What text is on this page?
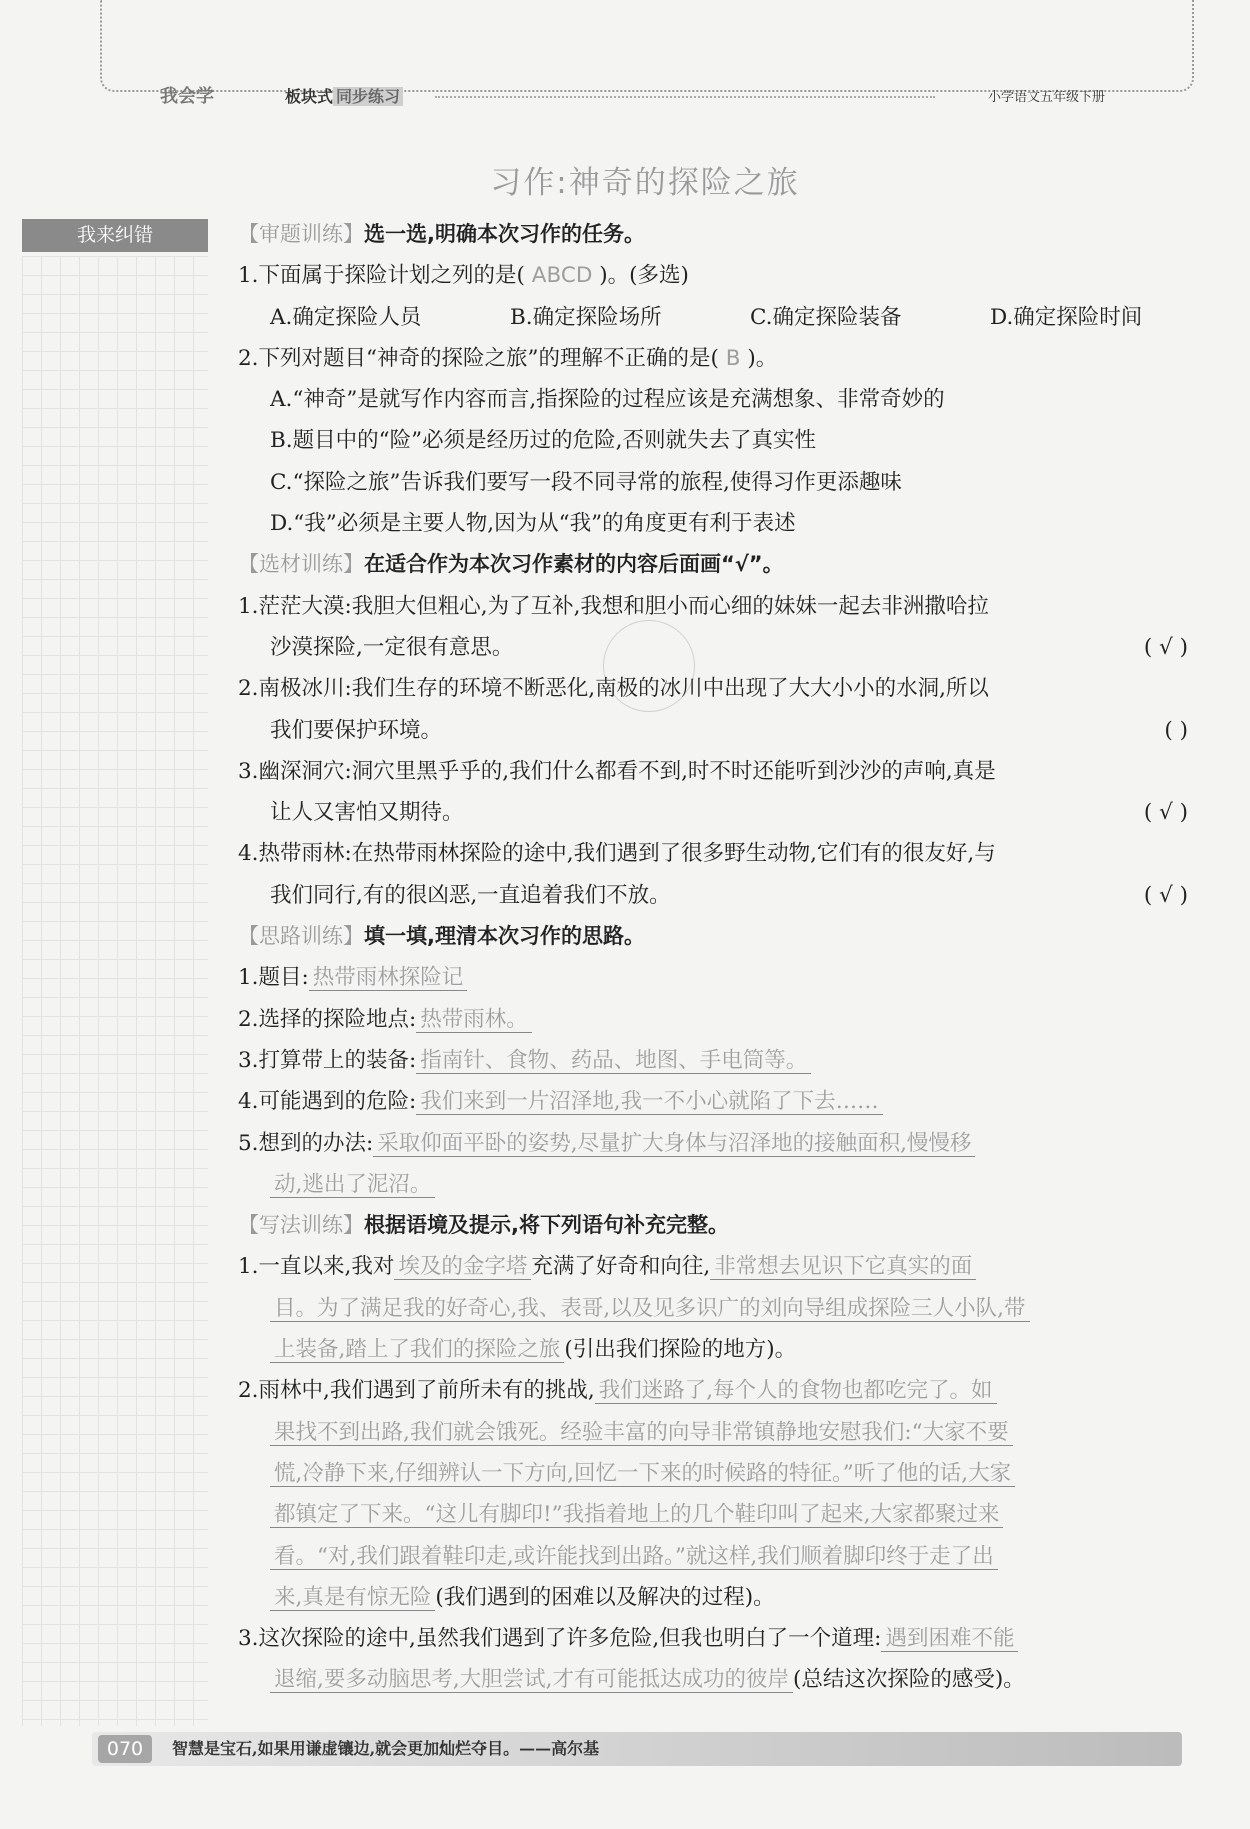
我会学	板块式 同步练习	小学语文五年级下册
习作:神奇的探险之旅
我来纠错	【审题训练】选一选,明确本次习作的任务。
1.下面属于探险计划之列的是( ABCD )。(多选)
A.确定探险人员	B.确定探险场所	C.确定探险装备	D.确定探险时间
2.下列对题目“神奇的探险之旅”的理解不正确的是( B )。
A.“神奇”是就写作内容而言,指探险的过程应该是充满想象、非常奇妙的
B.题目中的“险”必须是经历过的危险,否则就失去了真实性
C.“探险之旅”告诉我们要写一段不同寻常的旅程,使得习作更添趣味
D.“我”必须是主要人物,因为从“我”的角度更有利于表述
【选材训练】在适合作为本次习作素材的内容后面画“√”。
1.茫茫大漠:我胆大但粗心,为了互补,我想和胆小而心细的妹妹一起去非洲撒哈拉
沙漠探险,一定很有意思。	( √ )
2.南极冰川:我们生存的环境不断恶化,南极的冰川中出现了大大小小的水洞,所以
我们要保护环境。	( )
3.幽深洞穴:洞穴里黑乎乎的,我们什么都看不到,时不时还能听到沙沙的声响,真是
让人又害怕又期待。	( √ )
4.热带雨林:在热带雨林探险的途中,我们遇到了很多野生动物,它们有的很友好,与
我们同行,有的很凶恶,一直追着我们不放。	( √ )
【思路训练】填一填,理清本次习作的思路。
1.题目: 热带雨林探险记
2.选择的探险地点: 热带雨林。
3.打算带上的装备: 指南针、食物、药品、地图、手电筒等。
4.可能遇到的危险: 我们来到一片沼泽地,我一不小心就陷了下去……
5.想到的办法: 采取仰面平卧的姿势,尽量扩大身体与沼泽地的接触面积,慢慢移
动,逃出了泥沼。
【写法训练】根据语境及提示,将下列语句补充完整。
1.一直以来,我对 埃及的金字塔 充满了好奇和向往, 非常想去见识下它真实的面
目。为了满足我的好奇心,我、表哥,以及见多识广的刘向导组成探险三人小队,带
上装备,踏上了我们的探险之旅 (引出我们探险的地方)。
2.雨林中,我们遇到了前所未有的挑战, 我们迷路了,每个人的食物也都吃完了。如
果找不到出路,我们就会饿死。经验丰富的向导非常镇静地安慰我们:“大家不要
慌,冷静下来,仔细辨认一下方向,回忆一下来的时候路的特征。”听了他的话,大家
都镇定了下来。“这儿有脚印!”我指着地上的几个鞋印叫了起来,大家都聚过来
看。“对,我们跟着鞋印走,或许能找到出路。”就这样,我们顺着脚印终于走了出
来,真是有惊无险 (我们遇到的困难以及解决的过程)。
3.这次探险的途中,虽然我们遇到了许多危险,但我也明白了一个道理: 遇到困难不能
退缩,要多动脑思考,大胆尝试,才有可能抵达成功的彼岸 (总结这次探险的感受)。
070	智慧是宝石,如果用谦虚镶边,就会更加灿烂夺目。——高尔基
